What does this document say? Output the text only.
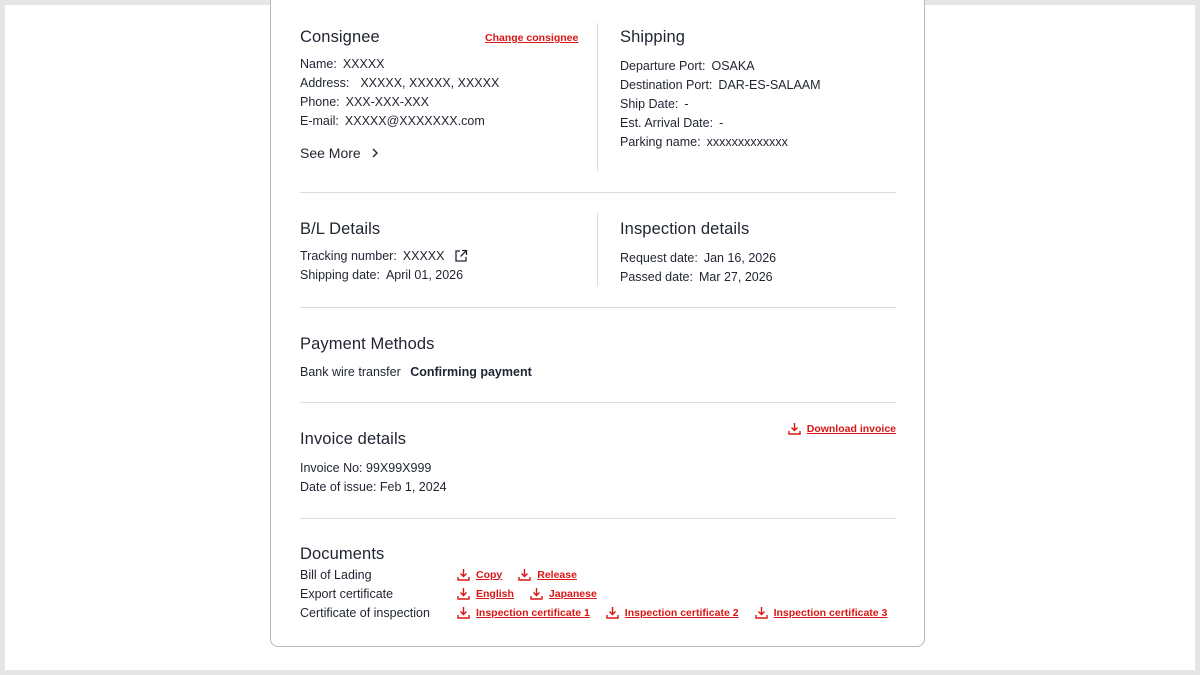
Consignee	Change consignee
Name: XXXXX
Address: XXXXX, XXXXX, XXXXX
Phone: XXX-XXX-XXX
E-mail: XXXXX@XXXXXXX.com
See More
Shipping
Departure Port: OSAKA
Destination Port: DAR-ES-SALAAM
Ship Date: -
Est. Arrival Date: -
Parking name: xxxxxxxxxxxxx
B/L Details
Tracking number: XXXXX
Shipping date: April 01, 2026
Inspection details
Request date: Jan 16, 2026
Passed date: Mar 27, 2026
Payment Methods
Bank wire transfer Confirming payment
Invoice details
Download invoice
Invoice No: 99X99X999
Date of issue: Feb 1, 2024
Documents
Bill of Lading	Copy	Release
Export certificate	English	Japanese
Certificate of inspection	Inspection certificate 1	Inspection certificate 2	Inspection certificate 3
